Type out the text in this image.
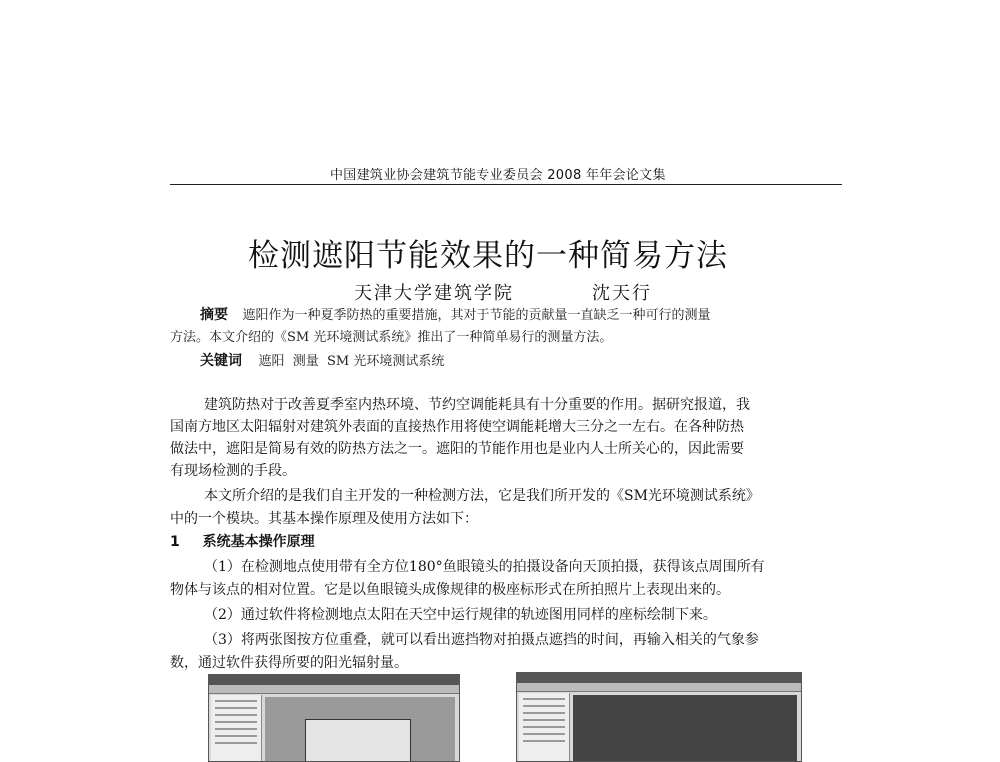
中国建筑业协会建筑节能专业委员会 2008 年年会论文集
检测遮阳节能效果的一种简易方法
天津大学建筑学院	沈天行
摘要 遮阳作为一种夏季防热的重要措施，其对于节能的贡献量一直缺乏一种可行的测量
方法。本文介绍的《SM 光环境测试系统》推出了一种简单易行的测量方法。
关键词 遮阳  测量  SM 光环境测试系统
建筑防热对于改善夏季室内热环境、节约空调能耗具有十分重要的作用。据研究报道，我
国南方地区太阳辐射对建筑外表面的直接热作用将使空调能耗增大三分之一左右。在各种防热
做法中，遮阳是简易有效的防热方法之一。遮阳的节能作用也是业内人士所关心的，因此需要
有现场检测的手段。
本文所介绍的是我们自主开发的一种检测方法，它是我们所开发的《SM光环境测试系统》
中的一个模块。其基本操作原理及使用方法如下：
1 系统基本操作原理
（1）在检测地点使用带有全方位180°鱼眼镜头的拍摄设备向天顶拍摄，获得该点周围所有
物体与该点的相对位置。它是以鱼眼镜头成像规律的极座标形式在所拍照片上表现出来的。
（2）通过软件将检测地点太阳在天空中运行规律的轨迹图用同样的座标绘制下来。
（3）将两张图按方位重叠，就可以看出遮挡物对拍摄点遮挡的时间，再输入相关的气象参
数，通过软件获得所要的阳光辐射量。
